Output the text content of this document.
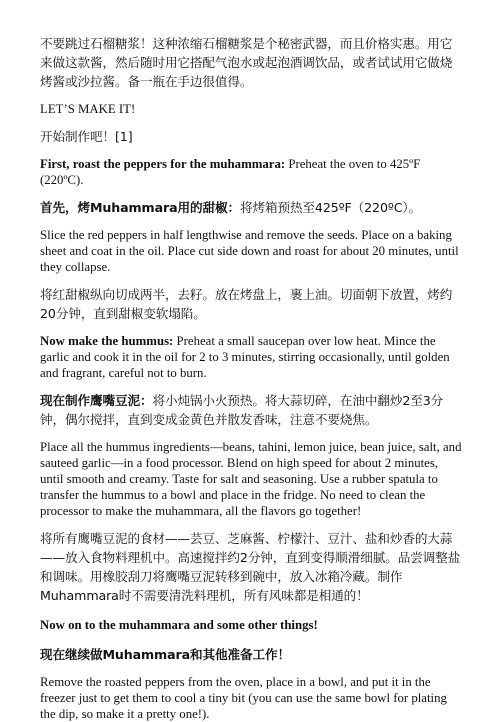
不要跳过石榴糖浆！这种浓缩石榴糖浆是个秘密武器，而且价格实惠。用它来做这款酱，然后随时用它搭配气泡水或起泡酒调饮品，或者试试用它做烧烤酱或沙拉酱。备一瓶在手边很值得。

LET’S MAKE IT!

开始制作吧！[1]

First, roast the peppers for the muhammara: Preheat the oven to 425ºF (220ºC).

首先，烤Muhammara用的甜椒：将烤箱预热至425ºF（220ºC）。

Slice the red peppers in half lengthwise and remove the seeds. Place on a baking sheet and coat in the oil. Place cut side down and roast for about 20 minutes, until they collapse.

将红甜椒纵向切成两半，去籽。放在烤盘上，裹上油。切面朝下放置，烤约20分钟，直到甜椒变软塌陷。

Now make the hummus: Preheat a small saucepan over low heat. Mince the garlic and cook it in the oil for 2 to 3 minutes, stirring occasionally, until golden and fragrant, careful not to burn.

现在制作鹰嘴豆泥：将小炖锅小火预热。将大蒜切碎，在油中翻炒2至3分钟，偶尔搅拌，直到变成金黄色并散发香味，注意不要烧焦。

Place all the hummus ingredients—beans, tahini, lemon juice, bean juice, salt, and sauteed garlic—in a food processor. Blend on high speed for about 2 minutes, until smooth and creamy. Taste for salt and seasoning. Use a rubber spatula to transfer the hummus to a bowl and place in the fridge. No need to clean the processor to make the muhammara, all the flavors go together!

将所有鹰嘴豆泥的食材——芸豆、芝麻酱、柠檬汁、豆汁、盐和炒香的大蒜——放入食物料理机中。高速搅拌约2分钟，直到变得顺滑细腻。品尝调整盐和调味。用橡胶刮刀将鹰嘴豆泥转移到碗中，放入冰箱冷藏。制作Muhammara时不需要清洗料理机，所有风味都是相通的！

Now on to the muhammara and some other things!

现在继续做Muhammara和其他准备工作！

Remove the roasted peppers from the oven, place in a bowl, and put it in the freezer just to get them to cool a tiny bit (you can use the same bowl for plating the dip, so make it a pretty one!).
